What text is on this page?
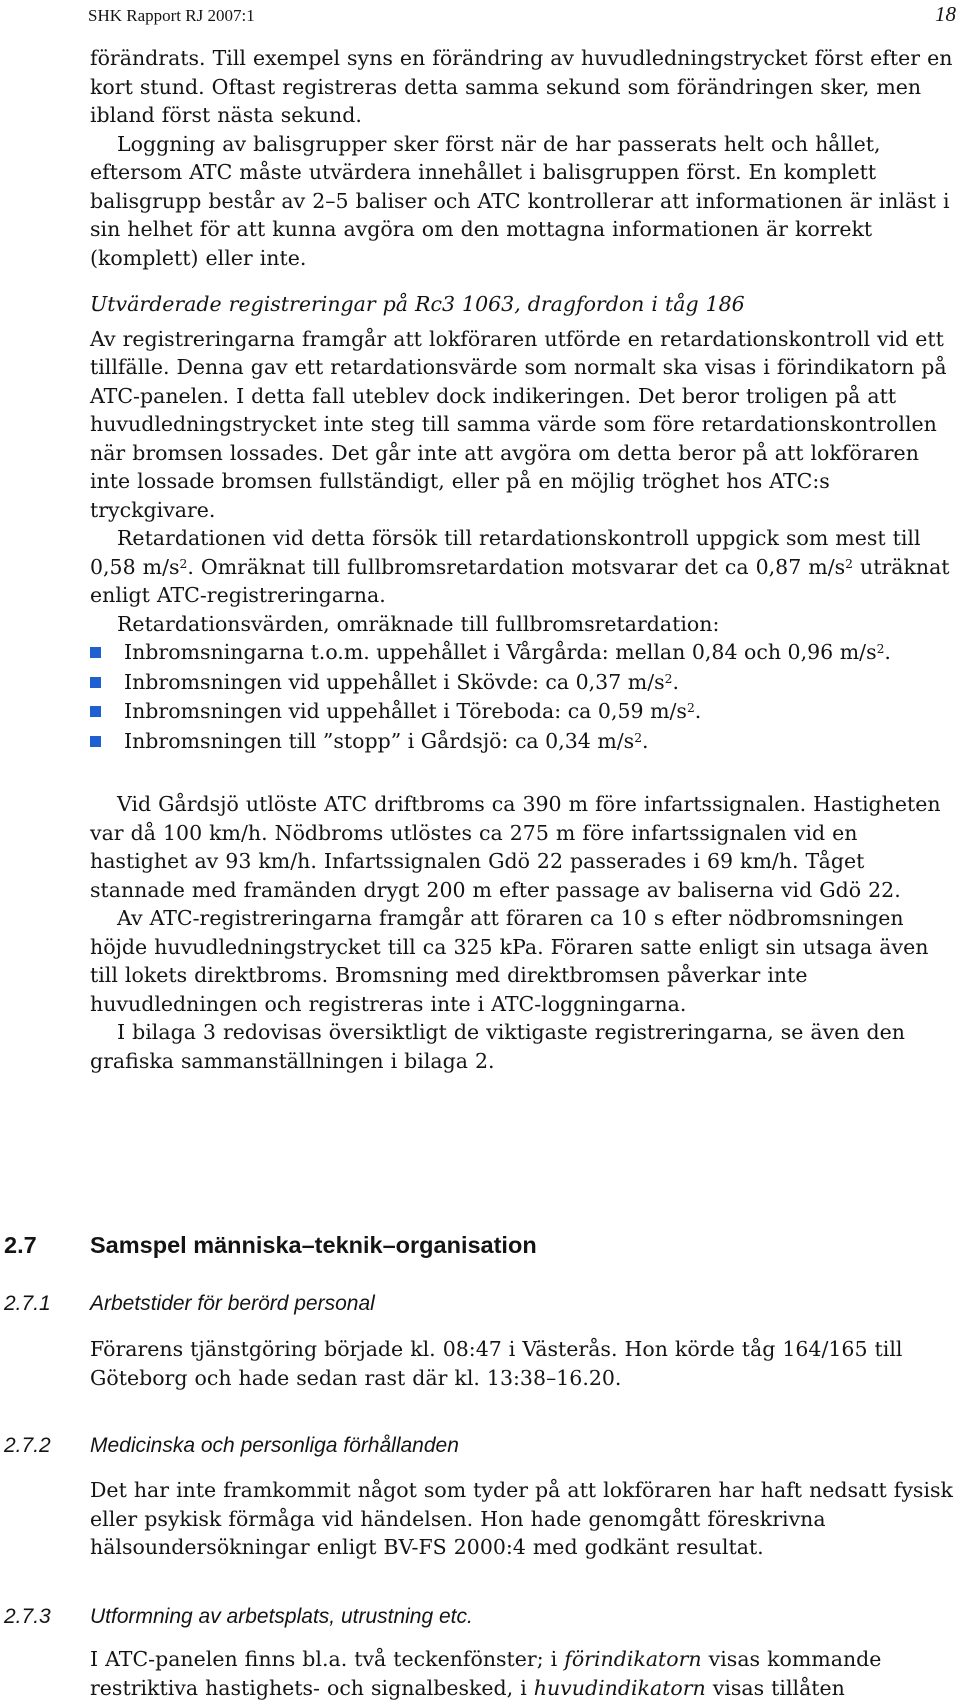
SHK Rapport RJ 2007:1	18

förändrats. Till exempel syns en förändring av huvudledningstrycket först efter en kort stund. Oftast registreras detta samma sekund som förändringen sker, men ibland först nästa sekund.

Loggning av balisgrupper sker först när de har passerats helt och hållet, eftersom ATC måste utvärdera innehållet i balisgruppen först. En komplett balisgrupp består av 2–5 baliser och ATC kontrollerar att informationen är inläst i sin helhet för att kunna avgöra om den mottagna informationen är korrekt (komplett) eller inte.

Utvärderade registreringar på Rc3 1063, dragfordon i tåg 186

Av registreringarna framgår att lokföraren utförde en retardationskontroll vid ett tillfälle. Denna gav ett retardationsvärde som normalt ska visas i förindikatorn på ATC-panelen. I detta fall uteblev dock indikeringen. Det beror troligen på att huvudledningstrycket inte steg till samma värde som före retardationskontrollen när bromsen lossades. Det går inte att avgöra om detta beror på att lokföraren inte lossade bromsen fullständigt, eller på en möjlig tröghet hos ATC:s tryckgivare.

Retardationen vid detta försök till retardationskontroll uppgick som mest till 0,58 $m/s^2$. Omräknat till fullbromsretardation motsvarar det ca 0,87 $m/s^2$ uträknat enligt ATC-registreringarna.

Retardationsvärden, omräknade till fullbromsretardation:

Inbromsningarna t.o.m. uppehållet i Vårgårda: mellan 0,84 och 0,96 $m/s^2$.
Inbromsningen vid uppehållet i Skövde: ca 0,37 $m/s^2$.
Inbromsningen vid uppehållet i Töreboda: ca 0,59 $m/s^2$.
Inbromsningen till ”stopp” i Gårdsjö: ca 0,34 $m/s^2$.

Vid Gårdsjö utlöste ATC driftbroms ca 390 m före infartssignalen. Hastigheten var då 100 km/h. Nödbroms utlöstes ca 275 m före infartssignalen vid en hastighet av 93 km/h. Infartssignalen Gdö 22 passerades i 69 km/h. Tåget stannade med framänden drygt 200 m efter passage av baliserna vid Gdö 22.

Av ATC-registreringarna framgår att föraren ca 10 s efter nödbromsningen höjde huvudledningstrycket till ca 325 kPa. Föraren satte enligt sin utsaga även till lokets direktbroms. Bromsning med direktbromsen påverkar inte huvudledningen och registreras inte i ATC-loggningarna.

I bilaga 3 redovisas översiktligt de viktigaste registreringarna, se även den grafiska sammanställningen i bilaga 2.

2.7 Samspel människa–teknik–organisation
2.7.1 Arbetstider för berörd personal

Förarens tjänstgöring började kl. 08:47 i Västerås. Hon körde tåg 164/165 till Göteborg och hade sedan rast där kl. 13:38–16.20.

2.7.2 Medicinska och personliga förhållanden

Det har inte framkommit något som tyder på att lokföraren har haft nedsatt fysisk eller psykisk förmåga vid händelsen. Hon hade genomgått föreskrivna hälsoundersökningar enligt BV-FS 2000:4 med godkänt resultat.

2.7.3 Utformning av arbetsplats, utrustning etc.

I ATC-panelen finns bl.a. två teckenfönster; i förindikatorn visas kommande restriktiva hastighets- och signalbesked, i huvudindikatorn visas tillåten
